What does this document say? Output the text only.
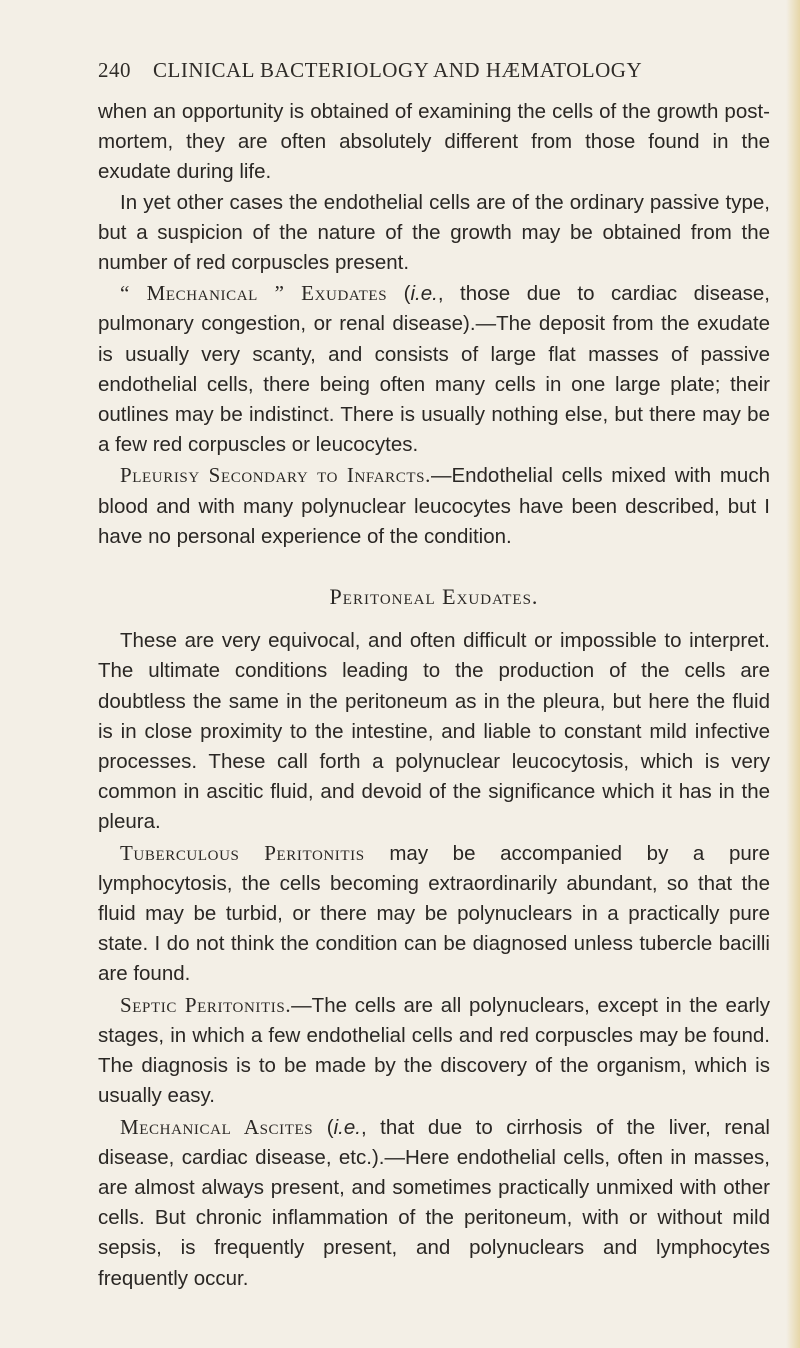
240 CLINICAL BACTERIOLOGY AND HÆMATOLOGY

when an opportunity is obtained of examining the cells of the growth post-mortem, they are often absolutely different from those found in the exudate during life.

In yet other cases the endothelial cells are of the ordinary passive type, but a suspicion of the nature of the growth may be obtained from the number of red corpuscles present.

“ Mechanical ” Exudates (i.e., those due to cardiac disease, pulmonary congestion, or renal disease).—The deposit from the exudate is usually very scanty, and consists of large flat masses of passive endothelial cells, there being often many cells in one large plate; their outlines may be indistinct. There is usually nothing else, but there may be a few red corpuscles or leucocytes.

Pleurisy Secondary to Infarcts.—Endothelial cells mixed with much blood and with many polynuclear leucocytes have been described, but I have no personal experience of the condition.

Peritoneal Exudates.

These are very equivocal, and often difficult or impossible to interpret. The ultimate conditions leading to the production of the cells are doubtless the same in the peritoneum as in the pleura, but here the fluid is in close proximity to the intestine, and liable to constant mild infective processes. These call forth a polynuclear leucocytosis, which is very common in ascitic fluid, and devoid of the significance which it has in the pleura.

Tuberculous Peritonitis may be accompanied by a pure lymphocytosis, the cells becoming extraordinarily abundant, so that the fluid may be turbid, or there may be polynuclears in a practically pure state. I do not think the condition can be diagnosed unless tubercle bacilli are found.

Septic Peritonitis.—The cells are all polynuclears, except in the early stages, in which a few endothelial cells and red corpuscles may be found. The diagnosis is to be made by the discovery of the organism, which is usually easy.

Mechanical Ascites (i.e., that due to cirrhosis of the liver, renal disease, cardiac disease, etc.).—Here endothelial cells, often in masses, are almost always present, and sometimes practically unmixed with other cells. But chronic inflammation of the peritoneum, with or without mild sepsis, is frequently present, and polynuclears and lymphocytes frequently occur.
